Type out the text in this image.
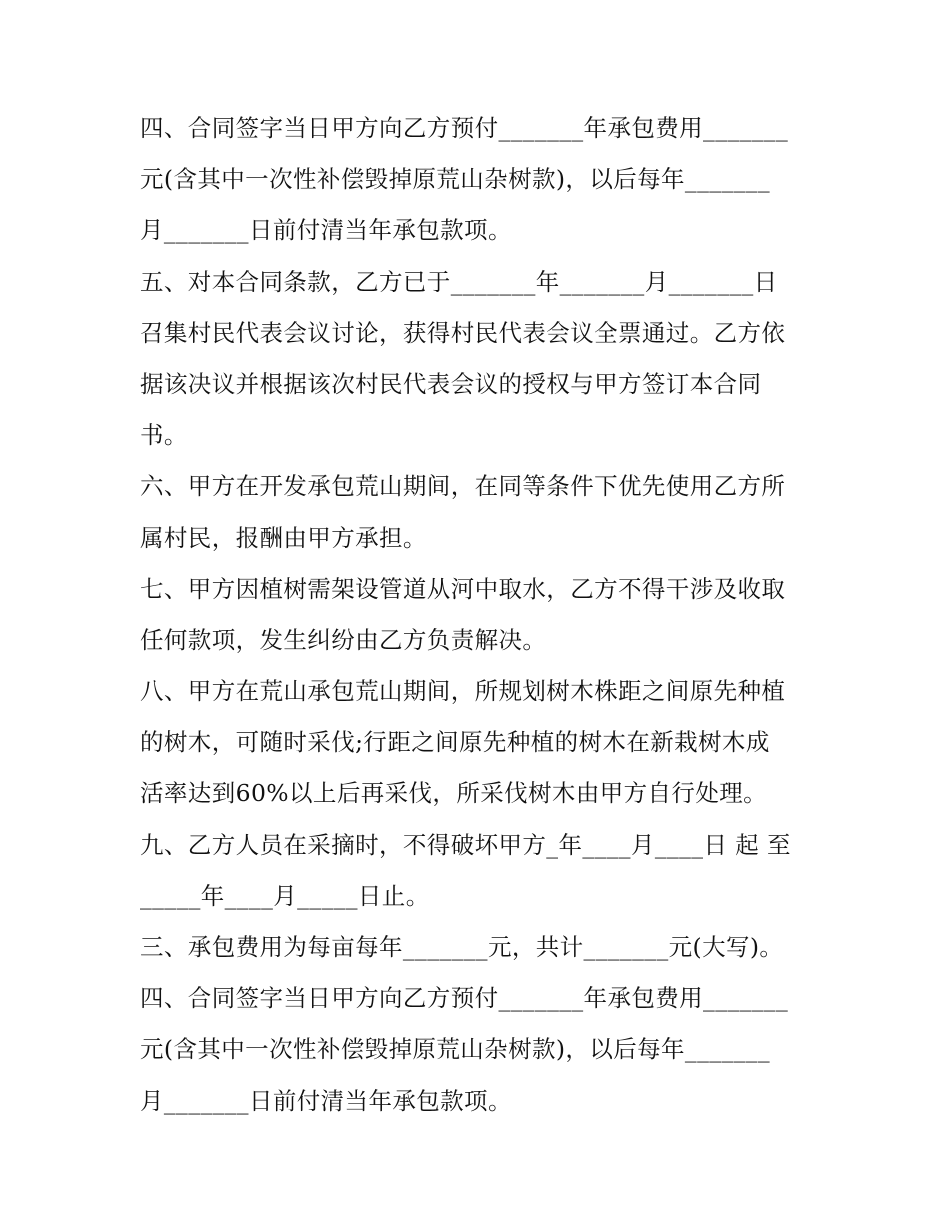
四、合同签字当日甲方向乙方预付_______年承包费用_______
元(含其中一次性补偿毁掉原荒山杂树款)，以后每年_______
月_______日前付清当年承包款项。
五、对本合同条款，乙方已于_______年_______月_______日
召集村民代表会议讨论，获得村民代表会议全票通过。乙方依
据该决议并根据该次村民代表会议的授权与甲方签订本合同
书。
六、甲方在开发承包荒山期间，在同等条件下优先使用乙方所
属村民，报酬由甲方承担。
七、甲方因植树需架设管道从河中取水，乙方不得干涉及收取
任何款项，发生纠纷由乙方负责解决。
八、甲方在荒山承包荒山期间，所规划树木株距之间原先种植
的树木，可随时采伐;行距之间原先种植的树木在新栽树木成
活率达到60%以上后再采伐，所采伐树木由甲方自行处理。
九、乙方人员在采摘时，不得破坏甲方_年____月____日 起 至
_____年____月_____日止。
三、承包费用为每亩每年_______元，共计_______元(大写)。
四、合同签字当日甲方向乙方预付_______年承包费用_______
元(含其中一次性补偿毁掉原荒山杂树款)，以后每年_______
月_______日前付清当年承包款项。
